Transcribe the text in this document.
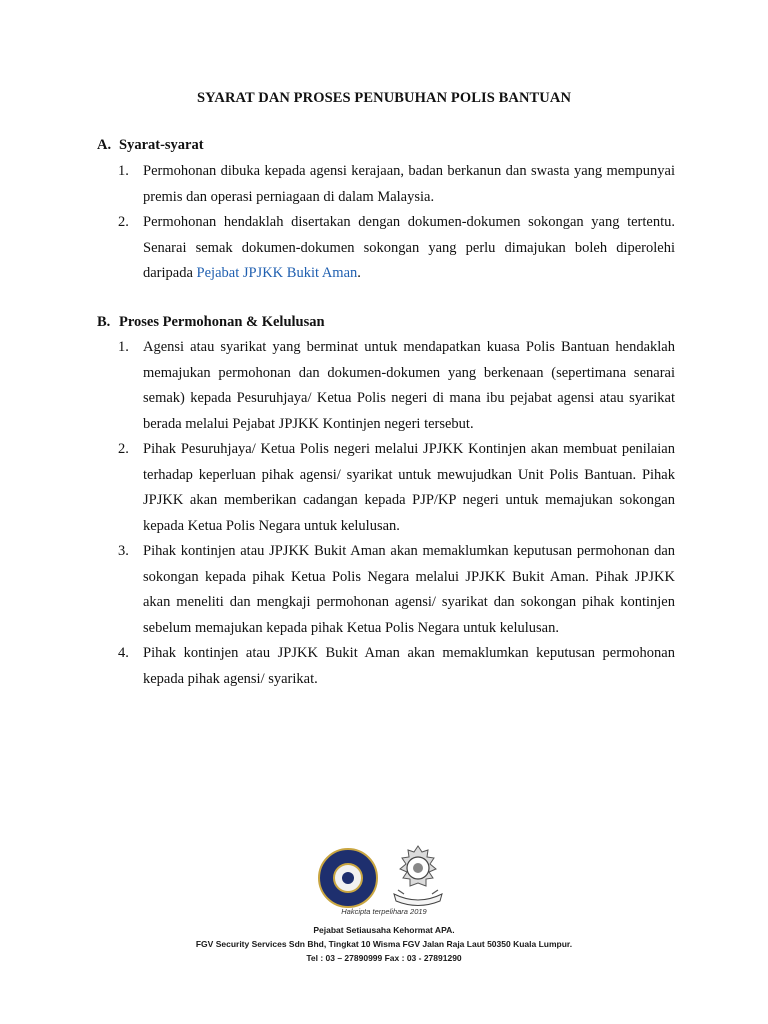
SYARAT DAN PROSES PENUBUHAN POLIS BANTUAN
A. Syarat-syarat
1. Permohonan dibuka kepada agensi kerajaan, badan berkanun dan swasta yang mempunyai premis dan operasi perniagaan di dalam Malaysia.
2. Permohonan hendaklah disertakan dengan dokumen-dokumen sokongan yang tertentu. Senarai semak dokumen-dokumen sokongan yang perlu dimajukan boleh diperolehi daripada Pejabat JPJKK Bukit Aman.
B. Proses Permohonan & Kelulusan
1. Agensi atau syarikat yang berminat untuk mendapatkan kuasa Polis Bantuan hendaklah memajukan permohonan dan dokumen-dokumen yang berkenaan (sepertimana senarai semak) kepada Pesuruhjaya/ Ketua Polis negeri di mana ibu pejabat agensi atau syarikat berada melalui Pejabat JPJKK Kontinjen negeri tersebut.
2. Pihak Pesuruhjaya/ Ketua Polis negeri melalui JPJKK Kontinjen akan membuat penilaian terhadap keperluan pihak agensi/ syarikat untuk mewujudkan Unit Polis Bantuan. Pihak JPJKK akan memberikan cadangan kepada PJP/KP negeri untuk memajukan sokongan kepada Ketua Polis Negara untuk kelulusan.
3. Pihak kontinjen atau JPJKK Bukit Aman akan memaklumkan keputusan permohonan dan sokongan kepada pihak Ketua Polis Negara melalui JPJKK Bukit Aman. Pihak JPJKK akan meneliti dan mengkaji permohonan agensi/ syarikat dan sokongan pihak kontinjen sebelum memajukan kepada pihak Ketua Polis Negara untuk kelulusan.
4. Pihak kontinjen atau JPJKK Bukit Aman akan memaklumkan keputusan permohonan kepada pihak agensi/ syarikat.
Hakcipta terpelihara 2019
Pejabat Setiausaha Kehormat APA.
FGV Security Services Sdn Bhd, Tingkat 10 Wisma FGV Jalan Raja Laut 50350 Kuala Lumpur.
Tel : 03 – 27890999 Fax : 03 - 27891290
